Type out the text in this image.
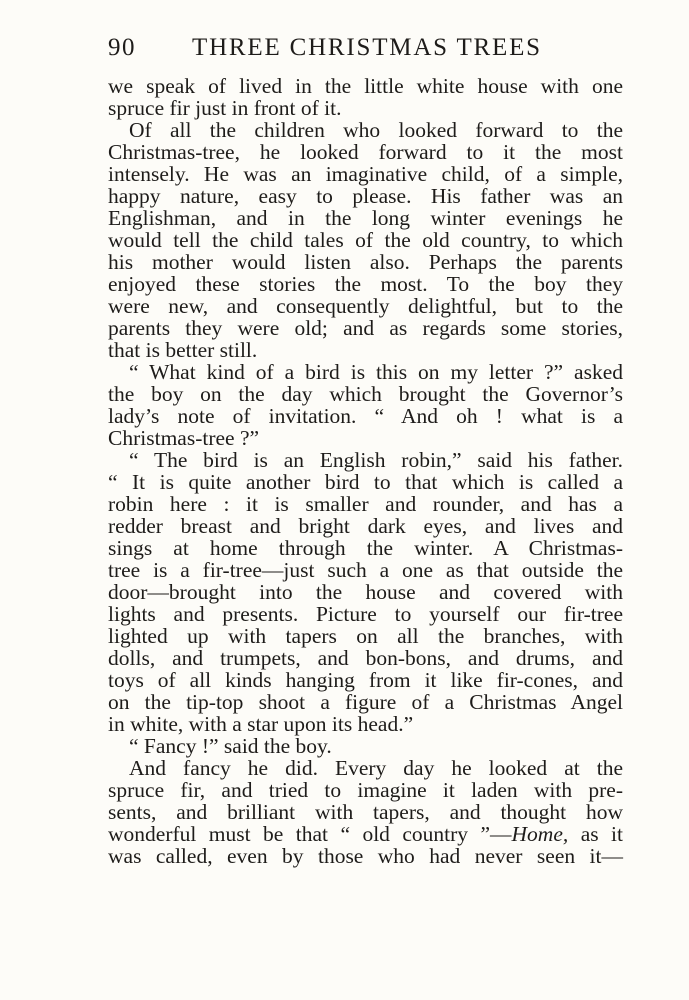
90 THREE CHRISTMAS TREES
we speak of lived in the little white house with one
spruce fir just in front of it.
Of all the children who looked forward to the
Christmas-tree, he looked forward to it the most
intensely. He was an imaginative child, of a simple,
happy nature, easy to please. His father was an
Englishman, and in the long winter evenings he
would tell the child tales of the old country, to which
his mother would listen also. Perhaps the parents
enjoyed these stories the most. To the boy they
were new, and consequently delightful, but to the
parents they were old; and as regards some stories,
that is better still.
“ What kind of a bird is this on my letter ?” asked
the boy on the day which brought the Governor’s
lady’s note of invitation. “ And oh ! what is a
Christmas-tree ?”
“ The bird is an English robin,” said his father.
“ It is quite another bird to that which is called a
robin here : it is smaller and rounder, and has a
redder breast and bright dark eyes, and lives and
sings at home through the winter. A Christmas-
tree is a fir-tree—just such a one as that outside the
door—brought into the house and covered with
lights and presents. Picture to yourself our fir-tree
lighted up with tapers on all the branches, with
dolls, and trumpets, and bon-bons, and drums, and
toys of all kinds hanging from it like fir-cones, and
on the tip-top shoot a figure of a Christmas Angel
in white, with a star upon its head.”
“ Fancy !” said the boy.
And fancy he did. Every day he looked at the
spruce fir, and tried to imagine it laden with pre-
sents, and brilliant with tapers, and thought how
wonderful must be that “ old country ”—Home, as it
was called, even by those who had never seen it—
